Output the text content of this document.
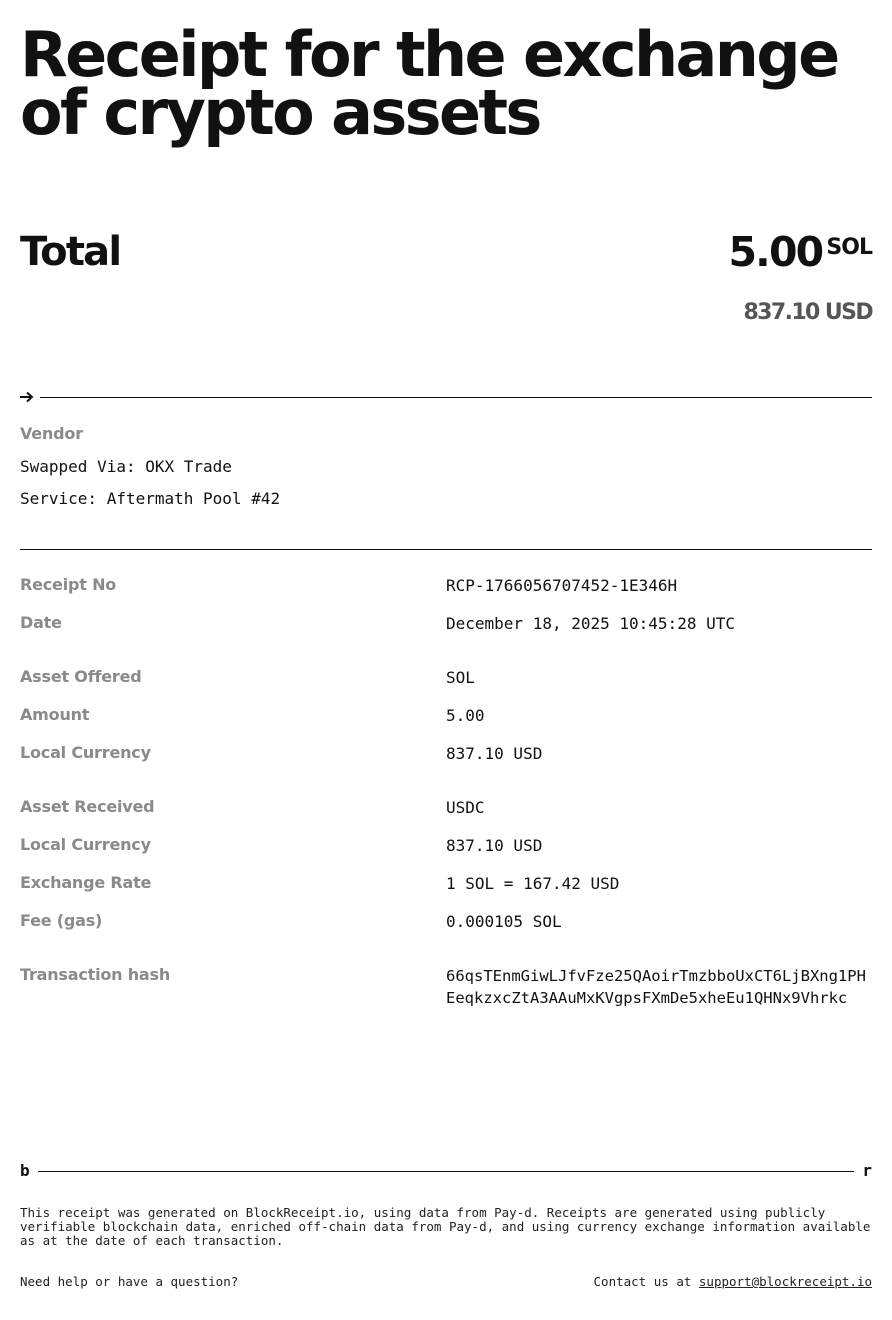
Receipt for the exchange of crypto assets
Total	5.00 SOL
837.10 USD
Vendor
Swapped Via: OKX Trade
Service: Aftermath Pool #42
Receipt No	RCP-1766056707452-1E346H
Date	December 18, 2025 10:45:28 UTC
Asset Offered	SOL
Amount	5.00
Local Currency	837.10 USD
Asset Received	USDC
Local Currency	837.10 USD
Exchange Rate	1 SOL = 167.42 USD
Fee (gas)	0.000105 SOL
Transaction hash	66qsTEnmGiwLJfvFze25QAoirTmzbboUxCT6LjBXng1PHEeqkzxcZtA3AAuMxKVgpsFXmDe5xheEu1QHNx9Vhrkc
b	r

This receipt was generated on BlockReceipt.io, using data from Pay-d. Receipts are generated using publicly verifiable blockchain data, enriched off-chain data from Pay-d, and using currency exchange information available as at the date of each transaction.

Need help or have a question?	Contact us at support@blockreceipt.io
